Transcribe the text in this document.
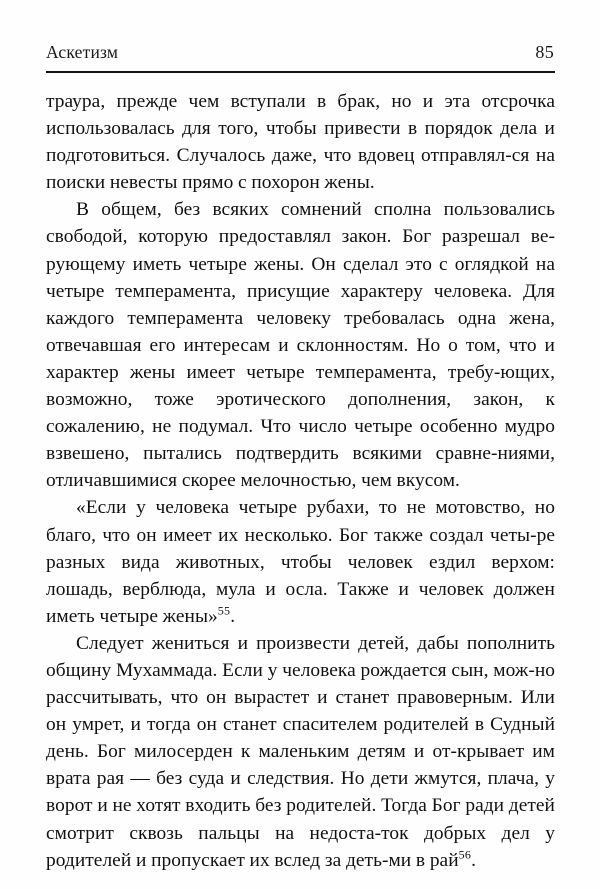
Аскетизм	85

траура, прежде чем вступали в брак, но и эта отсрочка использовалась для того, чтобы привести в порядок дела и подготовиться. Случалось даже, что вдовец отправлял-ся на поиски невесты прямо с похорон жены.

В общем, без всяких сомнений сполна пользовались свободой, которую предоставлял закон. Бог разрешал ве-рующему иметь четыре жены. Он сделал это с оглядкой на четыре темперамента, присущие характеру человека. Для каждого темперамента человеку требовалась одна жена, отвечавшая его интересам и склонностям. Но о том, что и характер жены имеет четыре темперамента, требу-ющих, возможно, тоже эротического дополнения, закон, к сожалению, не подумал. Что число четыре особенно мудро взвешено, пытались подтвердить всякими сравне-ниями, отличавшимися скорее мелочностью, чем вкусом.

«Если у человека четыре рубахи, то не мотовство, но благо, что он имеет их несколько. Бог также создал четы-ре разных вида животных, чтобы человек ездил верхом: лошадь, верблюда, мула и осла. Также и человек должен иметь четыре жены»$^{55}$.

Следует жениться и произвести детей, дабы пополнить общину Мухаммада. Если у человека рождается сын, мож-но рассчитывать, что он вырастет и станет правоверным. Или он умрет, и тогда он станет спасителем родителей в Судный день. Бог милосерден к маленьким детям и от-крывает им врата рая — без суда и следствия. Но дети жмутся, плача, у ворот и не хотят входить без родителей. Тогда Бог ради детей смотрит сквозь пальцы на недоста-ток добрых дел у родителей и пропускает их вслед за деть-ми в рай$^{56}$.
